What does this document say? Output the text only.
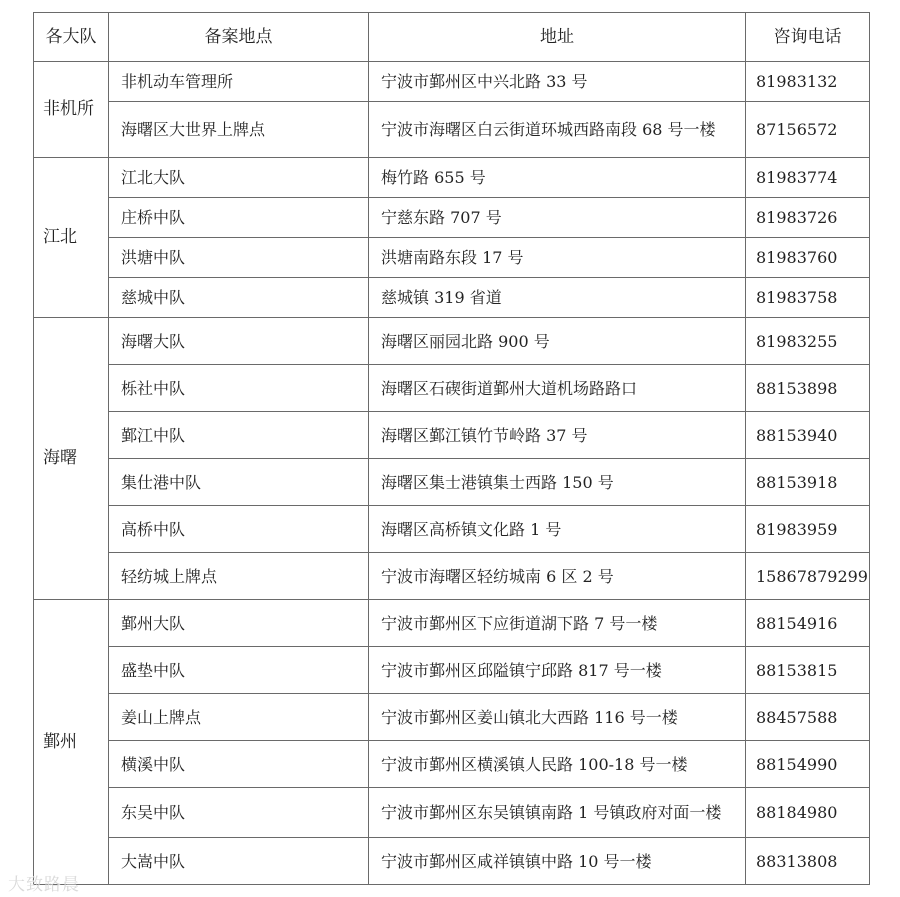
各大队	备案地点	地址	咨询电话
非机所	非机动车管理所	宁波市鄞州区中兴北路 33 号	81983132
	海曙区大世界上牌点	宁波市海曙区白云街道环城西路南段 68 号一楼	87156572
江北	江北大队	梅竹路 655 号	81983774
	庄桥中队	宁慈东路 707 号	81983726
	洪塘中队	洪塘南路东段 17 号	81983760
	慈城中队	慈城镇 319 省道	81983758
海曙	海曙大队	海曙区丽园北路 900 号	81983255
	栎社中队	海曙区石碶街道鄞州大道机场路路口	88153898
	鄞江中队	海曙区鄞江镇竹节岭路 37 号	88153940
	集仕港中队	海曙区集士港镇集士西路 150 号	88153918
	高桥中队	海曙区高桥镇文化路 1 号	81983959
	轻纺城上牌点	宁波市海曙区轻纺城南 6 区 2 号	15867879299
鄞州	鄞州大队	宁波市鄞州区下应街道湖下路 7 号一楼	88154916
	盛垫中队	宁波市鄞州区邱隘镇宁邱路 817 号一楼	88153815
	姜山上牌点	宁波市鄞州区姜山镇北大西路 116 号一楼	88457588
	横溪中队	宁波市鄞州区横溪镇人民路 100-18 号一楼	88154990
	东吴中队	宁波市鄞州区东吴镇镇南路 1 号镇政府对面一楼	88184980
	大嵩中队	宁波市鄞州区咸祥镇镇中路 10 号一楼	88313808
大致路晨
